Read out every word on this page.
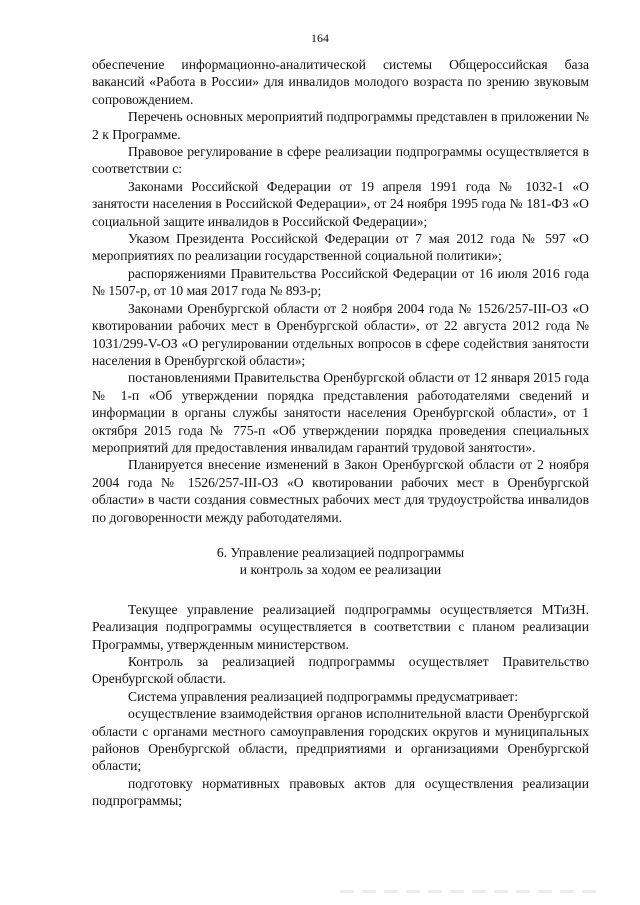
164

обеспечение информационно-аналитической системы Общероссийская база вакансий «Работа в России» для инвалидов молодого возраста по зрению звуковым сопровождением.

Перечень основных мероприятий подпрограммы представлен в приложении № 2 к Программе.

Правовое регулирование в сфере реализации подпрограммы осуществляется в соответствии с:

Законами Российской Федерации от 19 апреля 1991 года № 1032-1 «О занятости населения в Российской Федерации», от 24 ноября 1995 года № 181-ФЗ «О социальной защите инвалидов в Российской Федерации»;

Указом Президента Российской Федерации от 7 мая 2012 года № 597 «О мероприятиях по реализации государственной социальной политики»;

распоряжениями Правительства Российской Федерации от 16 июля 2016 года № 1507-р, от 10 мая 2017 года № 893-р;

Законами Оренбургской области от 2 ноября 2004 года № 1526/257-III-ОЗ «О квотировании рабочих мест в Оренбургской области», от 22 августа 2012 года № 1031/299-V-ОЗ «О регулировании отдельных вопросов в сфере содействия занятости населения в Оренбургской области»;

постановлениями Правительства Оренбургской области от 12 января 2015 года № 1-п «Об утверждении порядка представления работодателями сведений и информации в органы службы занятости населения Оренбургской области», от 1 октября 2015 года № 775-п «Об утверждении порядка проведения специальных мероприятий для предоставления инвалидам гарантий трудовой занятости».

Планируется внесение изменений в Закон Оренбургской области от 2 ноября 2004 года № 1526/257-III-ОЗ «О квотировании рабочих мест в Оренбургской области» в части создания совместных рабочих мест для трудоустройства инвалидов по договоренности между работодателями.

6. Управление реализацией подпрограммы
и контроль за ходом ее реализации

Текущее управление реализацией подпрограммы осуществляется МТиЗН. Реализация подпрограммы осуществляется в соответствии с планом реализации Программы, утвержденным министерством.

Контроль за реализацией подпрограммы осуществляет Правительство Оренбургской области.

Система управления реализацией подпрограммы предусматривает:

осуществление взаимодействия органов исполнительной власти Оренбургской области с органами местного самоуправления городских округов и муниципальных районов Оренбургской области, предприятиями и организациями Оренбургской области;

подготовку нормативных правовых актов для осуществления реализации подпрограммы;
